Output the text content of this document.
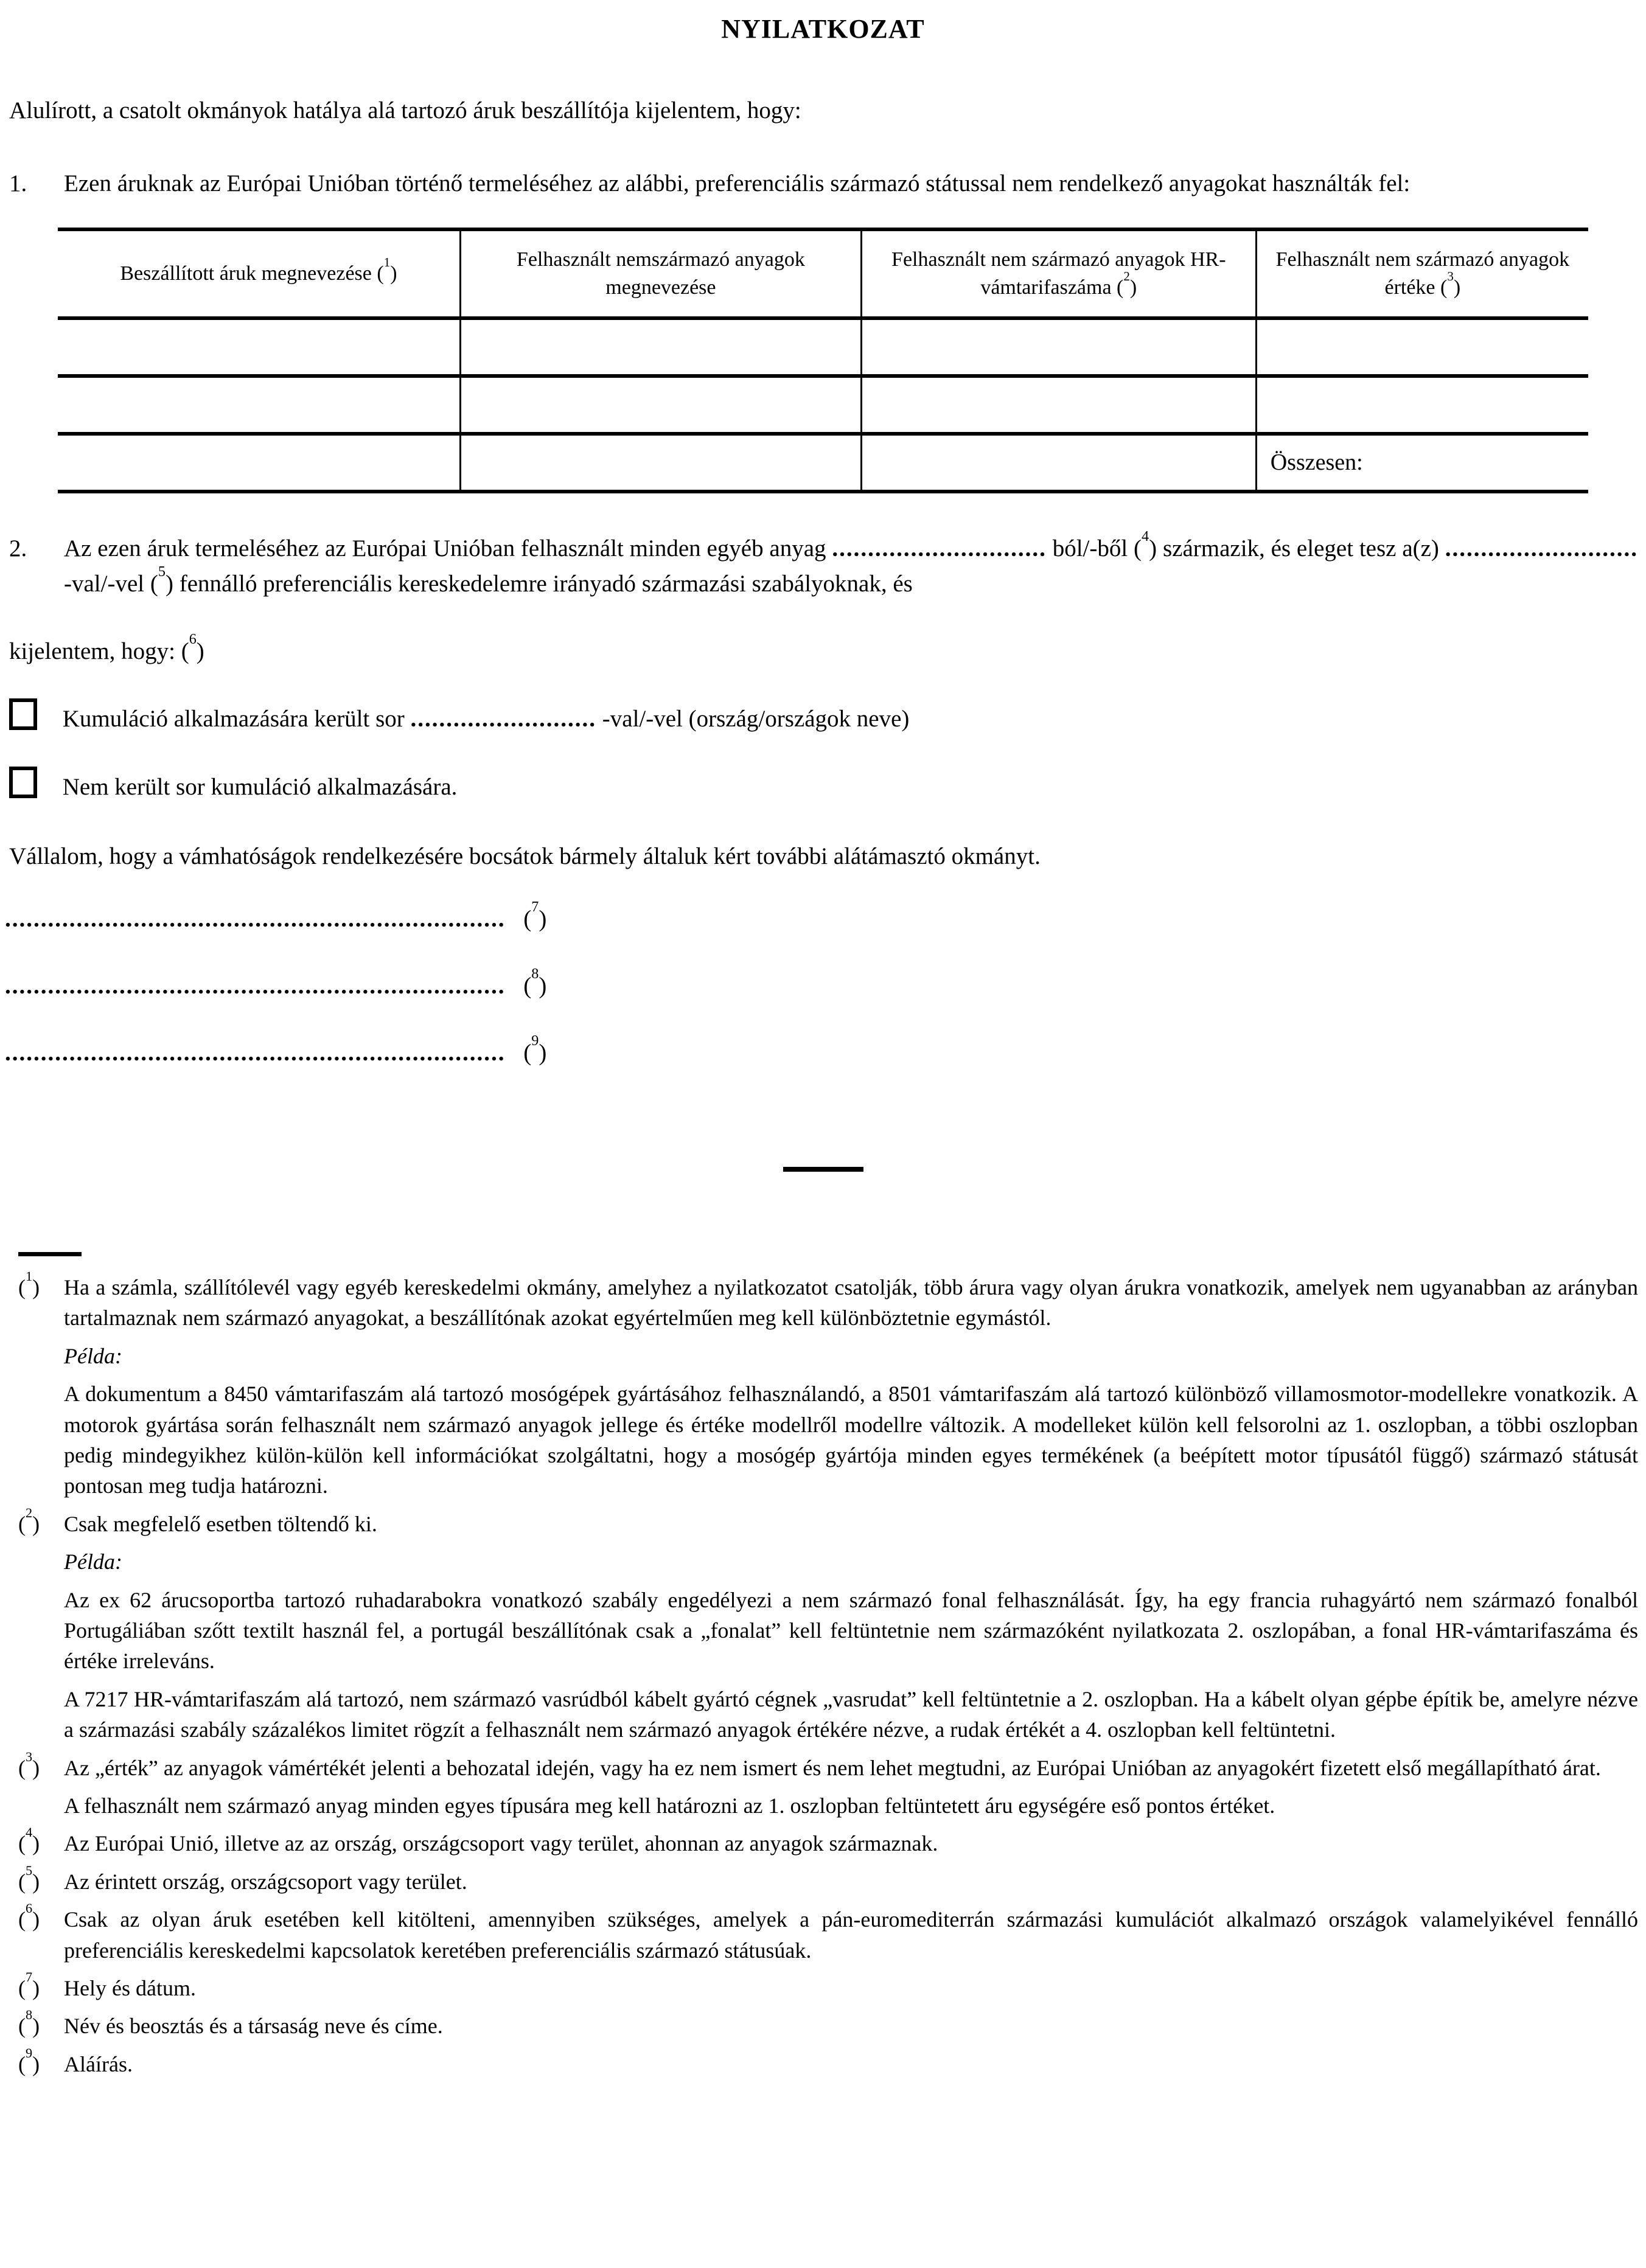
NYILATKOZAT

Alulírott, a csatolt okmányok hatálya alá tartozó áruk beszállítója kijelentem, hogy:

1. Ezen áruknak az Európai Unióban történő termeléséhez az alábbi, preferenciális származó státussal nem rendelkező anyagokat használták fel:
Beszállított áruk megnevezése ( $^1$ )	Felhasznált nemszármazó anyagok megnevezése	Felhasznált nem származó anyagok HR-vámtarifaszáma ( $^2$ )	Felhasznált nem származó anyagok értéke ( $^3$ )

			Összesen:
2. Az ezen áruk termeléséhez az Európai Unióban felhasznált minden egyéb anyag .............................. ból/-ből ( $^4$ ) származik, és eleget tesz a(z) ........................... -val/-vel ( $^5$ ) fennálló preferenciális kereskedelemre irányadó származási szabályoknak, és

kijelentem, hogy: ( $^6$ )

Kumuláció alkalmazására került sor .......................... -val/-vel (ország/országok neve)
Nem került sor kumuláció alkalmazására.

Vállalom, hogy a vámhatóságok rendelkezésére bocsátok bármely általuk kért további alátámasztó okmányt.

...................................................................... ( $^7$ )
...................................................................... ( $^8$ )
...................................................................... ( $^9$ )
( $^1$ )	Ha a számla, szállítólevél vagy egyéb kereskedelmi okmány, amelyhez a nyilatkozatot csatolják, több árura vagy olyan árukra vonatkozik, amelyek nem ugyanabban az arányban tartalmaznak nem származó anyagokat, a beszállítónak azokat egyértelműen meg kell különböztetnie egymástól.
Példa:
A dokumentum a 8450 vámtarifaszám alá tartozó mosógépek gyártásához felhasználandó, a 8501 vámtarifaszám alá tartozó különböző villamosmotor-modellekre vonatkozik. A motorok gyártása során felhasznált nem származó anyagok jellege és értéke modellről modellre változik. A modelleket külön kell felsorolni az 1. oszlopban, a többi oszlopban pedig mindegyikhez külön-külön kell információkat szolgáltatni, hogy a mosógép gyártója minden egyes termékének (a beépített motor típusától függő) származó státusát pontosan meg tudja határozni.
( $^2$ )	Csak megfelelő esetben töltendő ki.
Példa:
Az ex 62 árucsoportba tartozó ruhadarabokra vonatkozó szabály engedélyezi a nem származó fonal felhasználását. Így, ha egy francia ruhagyártó nem származó fonalból Portugáliában szőtt textilt használ fel, a portugál beszállítónak csak a „fonalat” kell feltüntetnie nem származóként nyilatkozata 2. oszlopában, a fonal HR-vámtarifaszáma és értéke irreleváns.
A 7217 HR-vámtarifaszám alá tartozó, nem származó vasrúdból kábelt gyártó cégnek „vasrudat” kell feltüntetnie a 2. oszlopban. Ha a kábelt olyan gépbe építik be, amelyre nézve a származási szabály százalékos limitet rögzít a felhasznált nem származó anyagok értékére nézve, a rudak értékét a 4. oszlopban kell feltüntetni.
( $^3$ )	Az „érték” az anyagok vámértékét jelenti a behozatal idején, vagy ha ez nem ismert és nem lehet megtudni, az Európai Unióban az anyagokért fizetett első megállapítható árat.
A felhasznált nem származó anyag minden egyes típusára meg kell határozni az 1. oszlopban feltüntetett áru egységére eső pontos értéket.
( $^4$ )	Az Európai Unió, illetve az az ország, országcsoport vagy terület, ahonnan az anyagok származnak.
( $^5$ )	Az érintett ország, országcsoport vagy terület.
( $^6$ )	Csak az olyan áruk esetében kell kitölteni, amennyiben szükséges, amelyek a pán-euromediterrán származási kumulációt alkalmazó országok valamelyikével fennálló preferenciális kereskedelmi kapcsolatok keretében preferenciális származó státusúak.
( $^7$ )	Hely és dátum.
( $^8$ )	Név és beosztás és a társaság neve és címe.
( $^9$ )	Aláírás.
